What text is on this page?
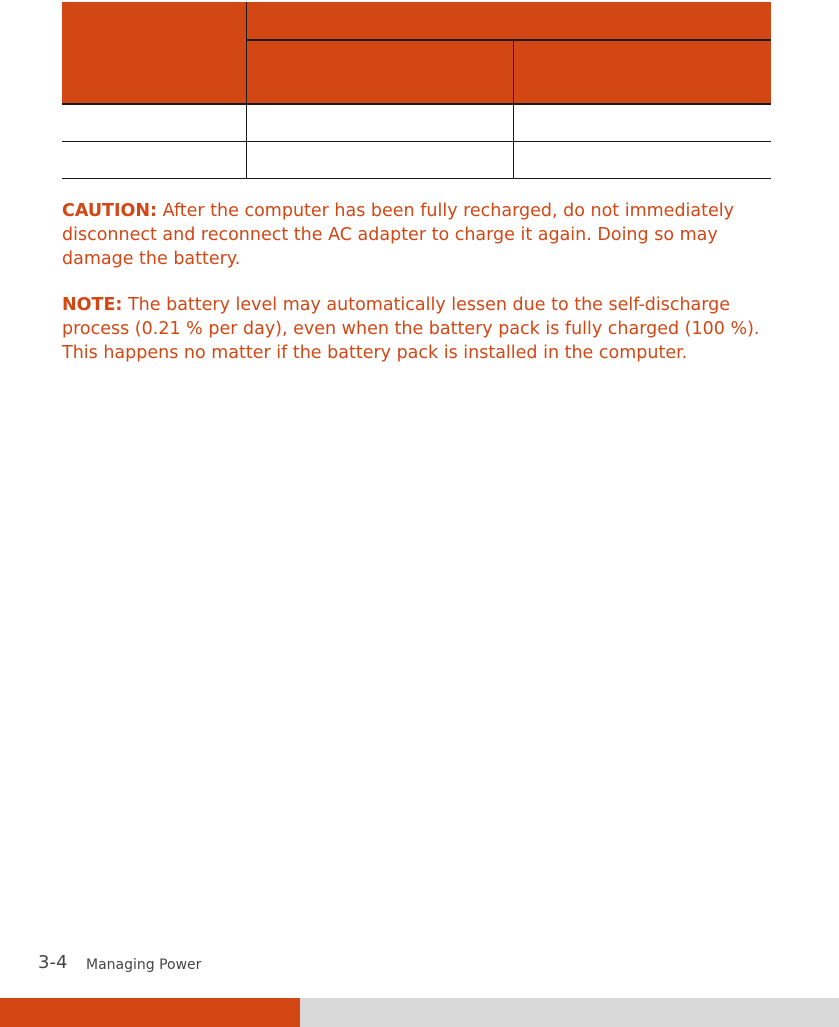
CAUTION: After the computer has been fully recharged, do not immediately disconnect and reconnect the AC adapter to charge it again. Doing so may damage the battery.

NOTE: The battery level may automatically lessen due to the self-discharge process (0.21 % per day), even when the battery pack is fully charged (100 %). This happens no matter if the battery pack is installed in the computer.

3-4 Managing Power
